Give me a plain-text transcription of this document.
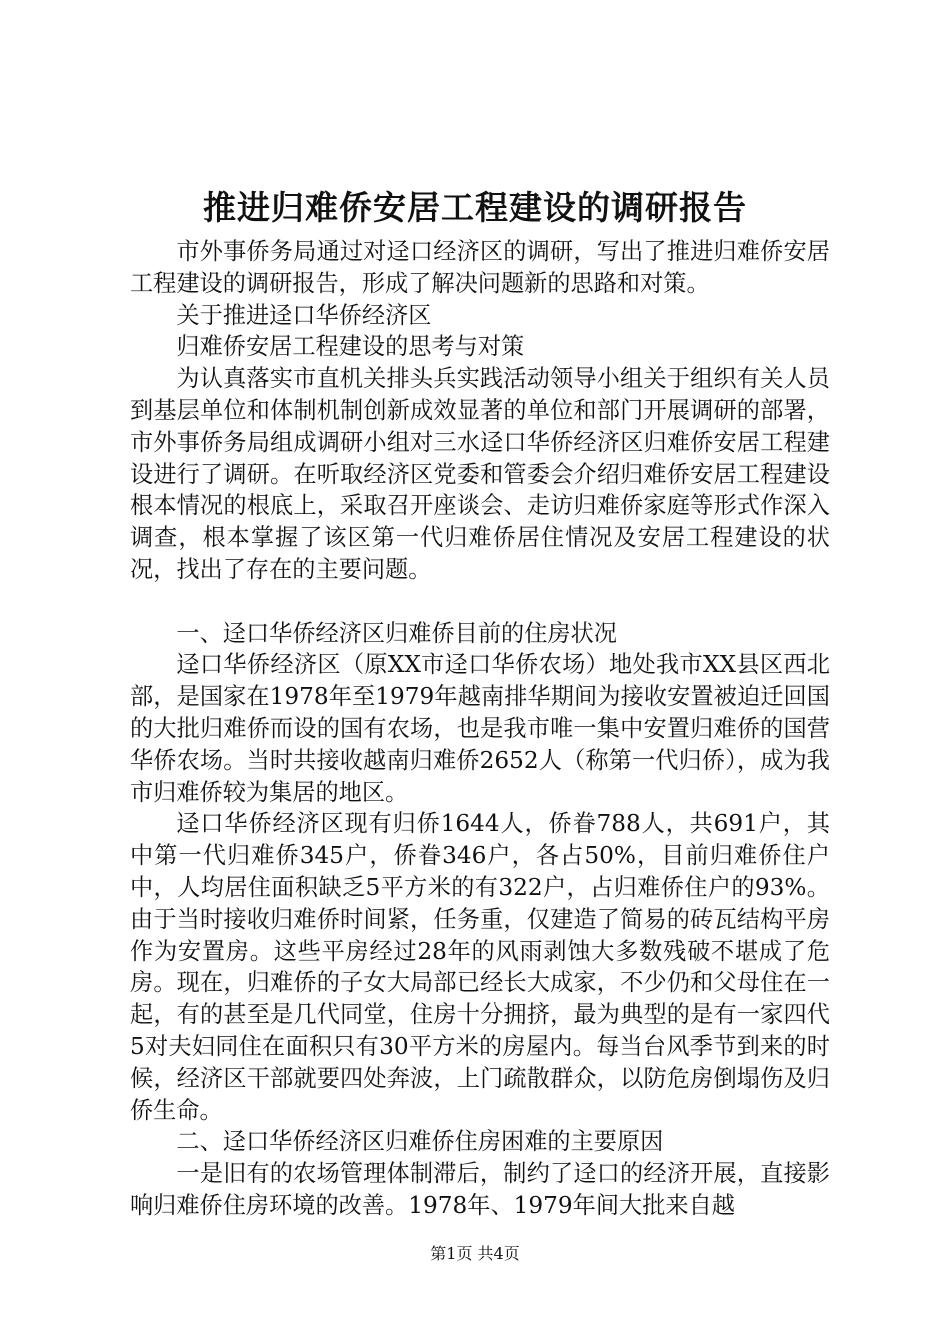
推进归难侨安居工程建设的调研报告

市外事侨务局通过对迳口经济区的调研，写出了推进归难侨安居工程建设的调研报告，形成了解决问题新的思路和对策。

关于推进迳口华侨经济区

归难侨安居工程建设的思考与对策

为认真落实市直机关排头兵实践活动领导小组关于组织有关人员到基层单位和体制机制创新成效显著的单位和部门开展调研的部署，市外事侨务局组成调研小组对三水迳口华侨经济区归难侨安居工程建设进行了调研。在听取经济区党委和管委会介绍归难侨安居工程建设根本情况的根底上，采取召开座谈会、走访归难侨家庭等形式作深入调查，根本掌握了该区第一代归难侨居住情况及安居工程建设的状况，找出了存在的主要问题。

一、迳口华侨经济区归难侨目前的住房状况

迳口华侨经济区（原XX市迳口华侨农场）地处我市XX县区西北部，是国家在1978年至1979年越南排华期间为接收安置被迫迁回国的大批归难侨而设的国有农场，也是我市唯一集中安置归难侨的国营华侨农场。当时共接收越南归难侨2652人（称第一代归侨），成为我市归难侨较为集居的地区。

迳口华侨经济区现有归侨1644人，侨眷788人，共691户，其中第一代归难侨345户，侨眷346户，各占50%，目前归难侨住户中，人均居住面积缺乏5平方米的有322户，占归难侨住户的93%。由于当时接收归难侨时间紧，任务重，仅建造了简易的砖瓦结构平房作为安置房。这些平房经过28年的风雨剥蚀大多数残破不堪成了危房。现在，归难侨的子女大局部已经长大成家，不少仍和父母住在一起，有的甚至是几代同堂，住房十分拥挤，最为典型的是有一家四代5对夫妇同住在面积只有30平方米的房屋内。每当台风季节到来的时候，经济区干部就要四处奔波，上门疏散群众，以防危房倒塌伤及归侨生命。

二、迳口华侨经济区归难侨住房困难的主要原因

一是旧有的农场管理体制滞后，制约了迳口的经济开展，直接影响归难侨住房环境的改善。1978年、1979年间大批来自越

第1页 共4页
